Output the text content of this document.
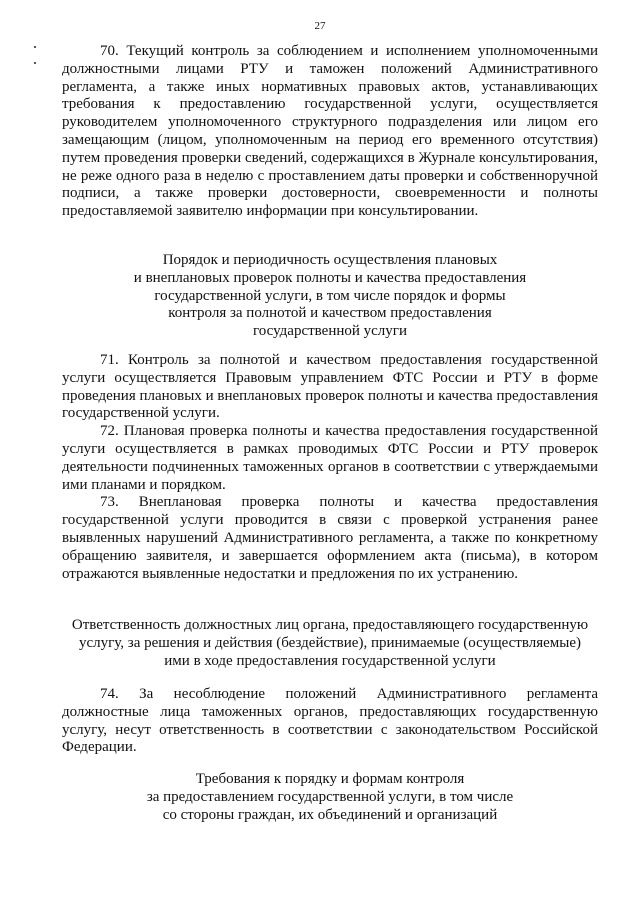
27

70. Текущий контроль за соблюдением и исполнением уполномоченными должностными лицами РТУ и таможен положений Административного регламента, а также иных нормативных правовых актов, устанавливающих требования к предоставлению государственной услуги, осуществляется руководителем уполномоченного структурного подразделения или лицом его замещающим (лицом, уполномоченным на период его временного отсутствия) путем проведения проверки сведений, содержащихся в Журнале консультирования, не реже одного раза в неделю с проставлением даты проверки и собственноручной подписи, а также проверки достоверности, своевременности и полноты предоставляемой заявителю информации при консультировании.

Порядок и периодичность осуществления плановых
и внеплановых проверок полноты и качества предоставления
государственной услуги, в том числе порядок и формы
контроля за полнотой и качеством предоставления
государственной услуги

71. Контроль за полнотой и качеством предоставления государственной услуги осуществляется Правовым управлением ФТС России и РТУ в форме проведения плановых и внеплановых проверок полноты и качества предоставления государственной услуги.

72. Плановая проверка полноты и качества предоставления государственной услуги осуществляется в рамках проводимых ФТС России и РТУ проверок деятельности подчиненных таможенных органов в соответствии с утверждаемыми ими планами и порядком.

73. Внеплановая проверка полноты и качества предоставления государственной услуги проводится в связи с проверкой устранения ранее выявленных нарушений Административного регламента, а также по конкретному обращению заявителя, и завершается оформлением акта (письма), в котором отражаются выявленные недостатки и предложения по их устранению.

Ответственность должностных лиц органа, предоставляющего государственную
услугу, за решения и действия (бездействие), принимаемые (осуществляемые)
ими в ходе предоставления государственной услуги

74. За несоблюдение положений Административного регламента должностные лица таможенных органов, предоставляющих государственную услугу, несут ответственность в соответствии с законодательством Российской Федерации.

Требования к порядку и формам контроля
за предоставлением государственной услуги, в том числе
со стороны граждан, их объединений и организаций
